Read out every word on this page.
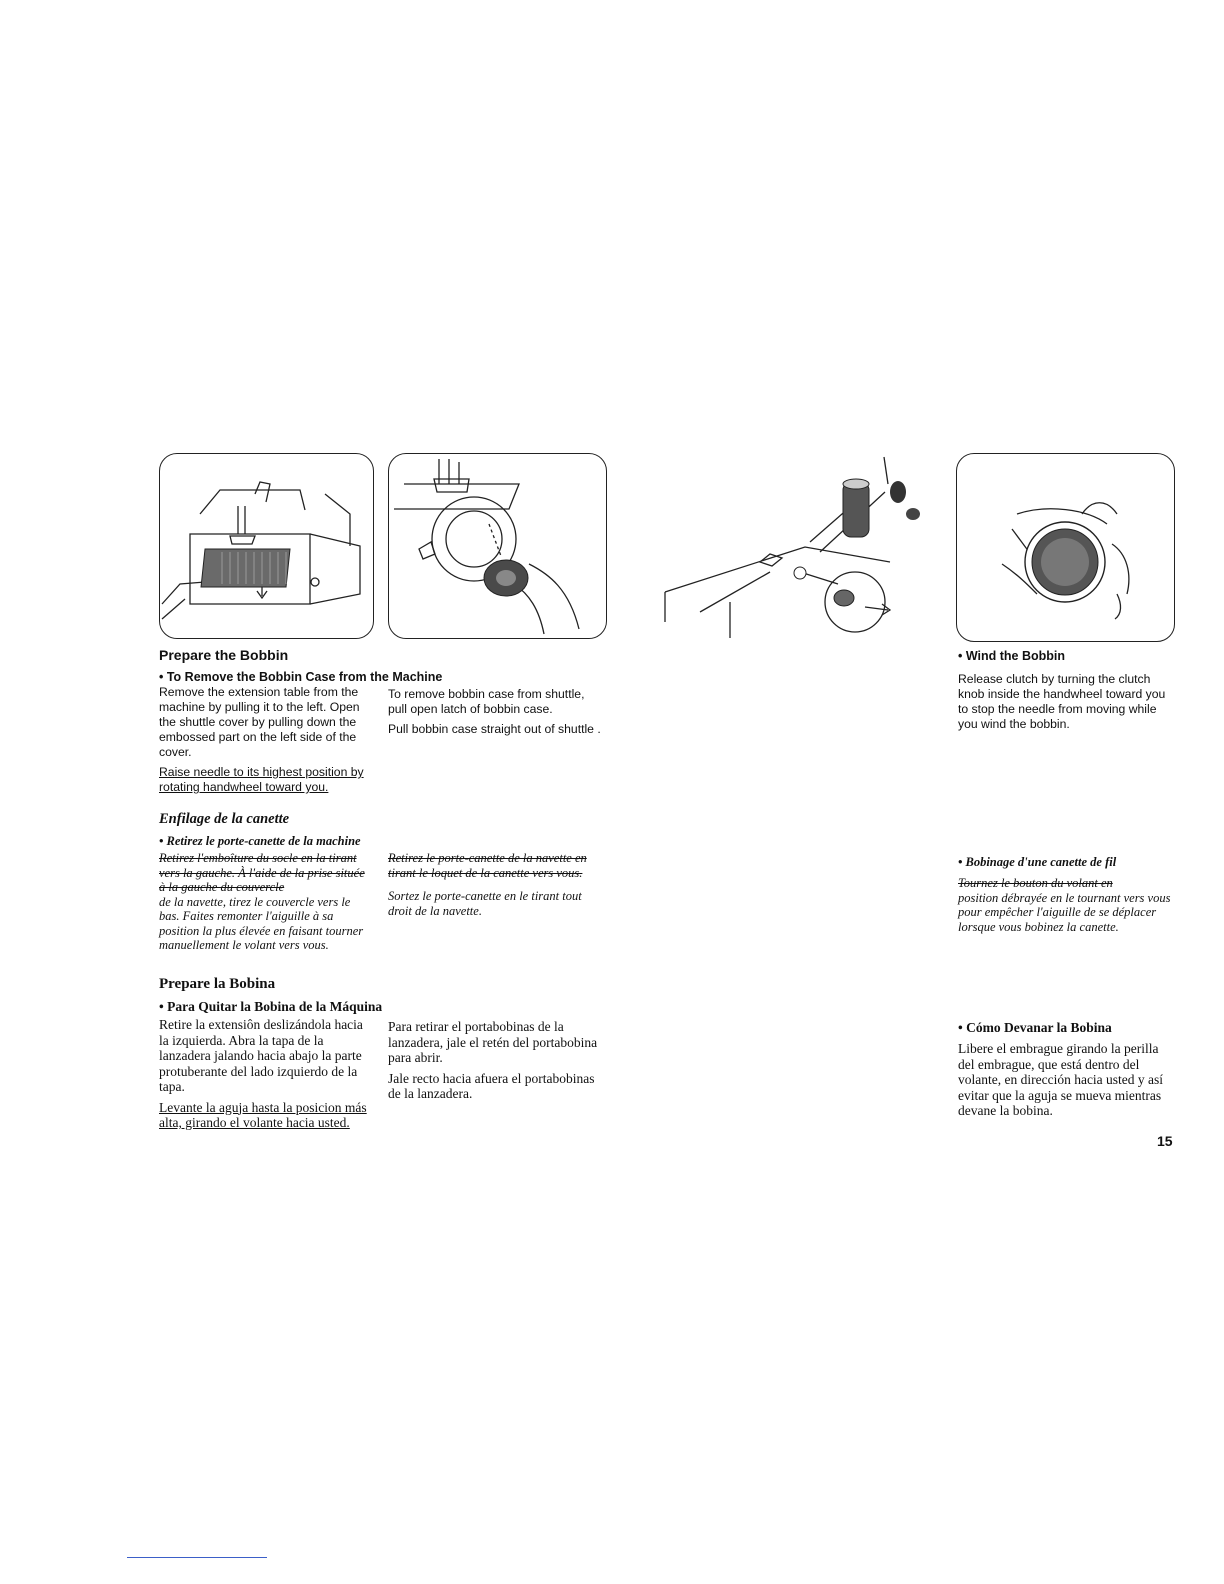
Prepare the Bobbin
• To Remove the Bobbin Case from the Machine

Remove the extension table from the machine by pulling it to the left. Open the shuttle cover by pulling down the embossed part on the left side of the cover.

Raise needle to its highest position by rotating handwheel toward you.

To remove bobbin case from shuttle, pull open latch of bobbin case.

Pull bobbin case straight out of shuttle .

• Wind the Bobbin
Release clutch by turning the clutch knob inside the handwheel toward you to stop the needle from moving while you wind the bobbin.
Enfilage de la canette
• Retirez le porte-canette de la machine

Retirez l'emboîture du socle en la tirant vers la gauche. À l'aide de la prise située à la gauche du couvercle

de la navette, tirez le couvercle vers le bas. Faites remonter l'aiguille à sa position la plus élevée en faisant tourner manuellement le volant vers vous.

Retirez le porte-canette de la navette en tirant le loquet de la canette vers vous.

Sortez le porte-canette en le tirant tout droit de la navette.

• Bobinage d'une canette de fil

Tournez le bouton du volant en

position débrayée en le tournant vers vous pour empêcher l'aiguille de se déplacer lorsque vous bobinez la canette.

Prepare la Bobina
• Para Quitar la Bobina de la Máquina

Retire la extensiôn deslizándola hacia la izquierda. Abra la tapa de la lanzadera jalando hacia abajo la parte protuberante del lado izquierdo de la tapa.

Levante la aguja hasta la posicion más alta, girando el volante hacia usted.

Para retirar el portabobinas de la lanzadera, jale el retén del portabobina para abrir.

Jale recto hacia afuera el portabobinas de la lanzadera.

• Cómo Devanar la Bobina
Libere el embrague girando la perilla del embrague, que está dentro del volante, en dirección hacia usted y así evitar que la aguja se mueva mientras devane la bobina.
15
